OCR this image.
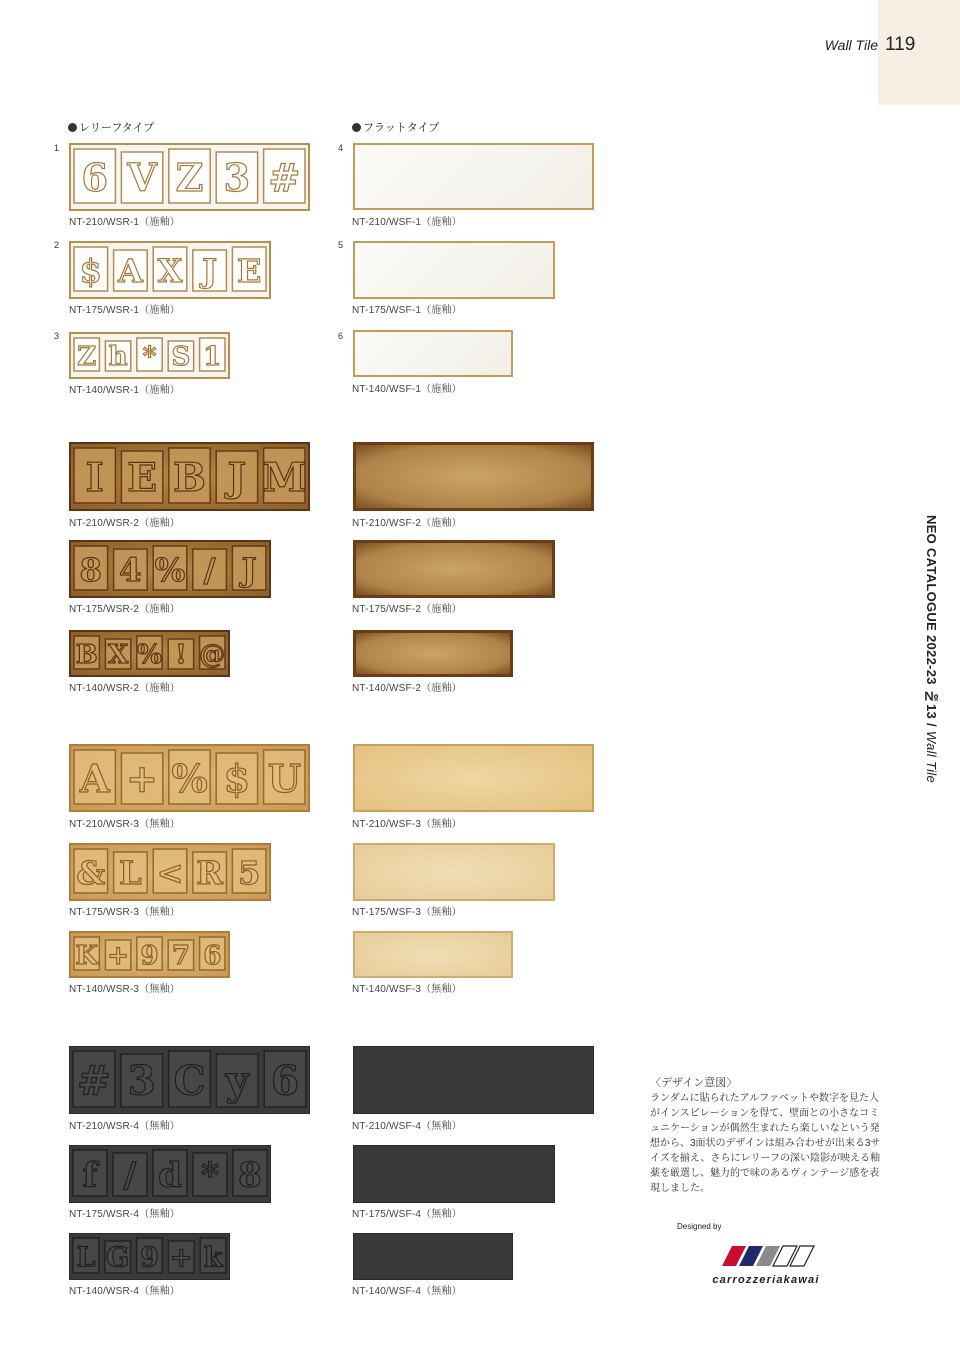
Wall Tile 119
NEO CATALOGUE 2022-23 №13 / Wall Tile
レリーフタイプ	フラットタイプ
1
2
3
4
5
6
6 V Z 3 #
NT-210/WSR-1（施釉）
$ A X J E
NT-175/WSR-1（施釉）
Z h * S 1
NT-140/WSR-1（施釉）
NT-210/WSF-1（施釉）
NT-175/WSF-1（施釉）
NT-140/WSF-1（施釉）
I E B J M
NT-210/WSR-2（施釉）
8 4 % / J
NT-175/WSR-2（施釉）
B X % ! @
NT-140/WSR-2（施釉）
NT-210/WSF-2（施釉）
NT-175/WSF-2（施釉）
NT-140/WSF-2（施釉）
A + % $ U
NT-210/WSR-3（無釉）
& L < R 5
NT-175/WSR-3（無釉）
K + 9 7 6
NT-140/WSR-3（無釉）
NT-210/WSF-3（無釉）
NT-175/WSF-3（無釉）
NT-140/WSF-3（無釉）
# 3 C y 6
NT-210/WSR-4（無釉）
f / d * 8
NT-175/WSR-4（無釉）
L G 9 + k
NT-140/WSR-4（無釉）
NT-210/WSF-4（無釉）
NT-175/WSF-4（無釉）
NT-140/WSF-4（無釉）
〈デザイン意図〉
ランダムに貼られたアルファベットや数字を見た人がインスピレーションを得て、壁面との小さなコミュニケーションが偶然生まれたら楽しいなという発想から、3面状のデザインは組み合わせが出来る3サイズを揃え、さらにレリーフの深い陰影が映える釉薬を厳選し、魅力的で味のあるヴィンテージ感を表現しました。
Designed by
carrozzeriakawai
